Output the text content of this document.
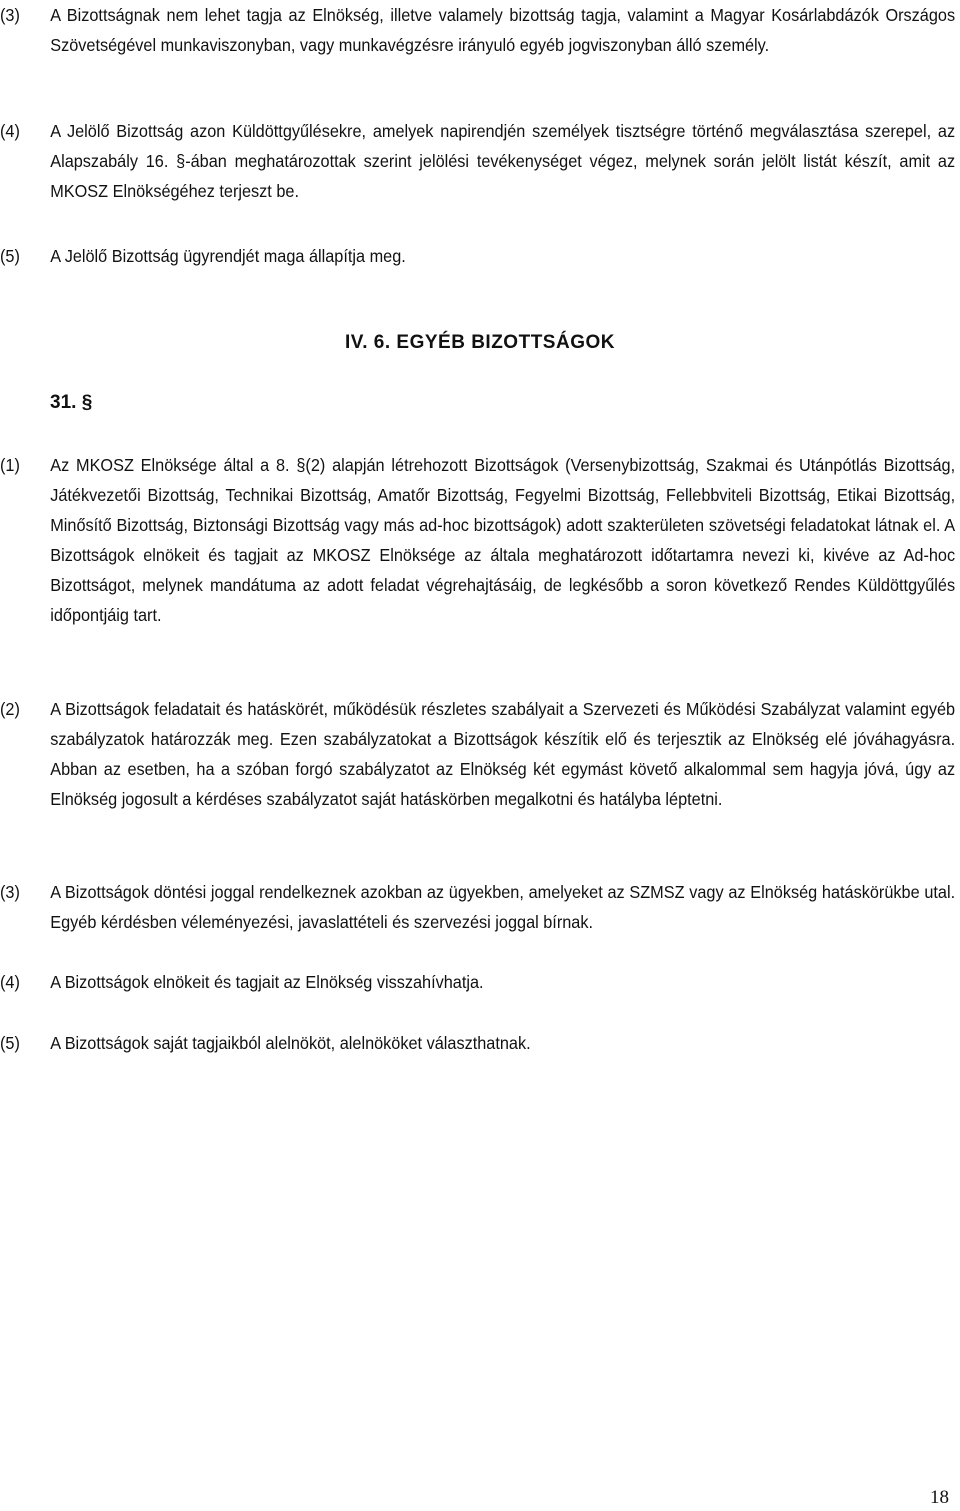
(3) A Bizottságnak nem lehet tagja az Elnökség, illetve valamely bizottság tagja, valamint a Magyar Kosárlabdázók Országos Szövetségével munkaviszonyban, vagy munkavégzésre irányuló egyéb jogviszonyban álló személy.
(4) A Jelölő Bizottság azon Küldöttgyűlésekre, amelyek napirendjén személyek tisztségre történő megválasztása szerepel, az Alapszabály 16. §-ában meghatározottak szerint jelölési tevékenységet végez, melynek során jelölt listát készít, amit az MKOSZ Elnökségéhez terjeszt be.
(5) A Jelölő Bizottság ügyrendjét maga állapítja meg.
IV. 6. EGYÉB BIZOTTSÁGOK
31. §
(1) Az MKOSZ Elnöksége által a 8. §(2) alapján létrehozott Bizottságok (Versenybizottság, Szakmai és Utánpótlás Bizottság, Játékvezetői Bizottság, Technikai Bizottság, Amatőr Bizottság, Fegyelmi Bizottság, Fellebbviteli Bizottság, Etikai Bizottság, Minősítő Bizottság, Biztonsági Bizottság vagy más ad-hoc bizottságok) adott szakterületen szövetségi feladatokat látnak el. A Bizottságok elnökeit és tagjait az MKOSZ Elnöksége az általa meghatározott időtartamra nevezi ki, kivéve az Ad-hoc Bizottságot, melynek mandátuma az adott feladat végrehajtásáig, de legkésőbb a soron következő Rendes Küldöttgyűlés időpontjáig tart.
(2) A Bizottságok feladatait és hatáskörét, működésük részletes szabályait a Szervezeti és Működési Szabályzat valamint egyéb szabályzatok határozzák meg. Ezen szabályzatokat a Bizottságok készítik elő és terjesztik az Elnökség elé jóváhagyásra. Abban az esetben, ha a szóban forgó szabályzatot az Elnökség két egymást követő alkalommal sem hagyja jóvá, úgy az Elnökség jogosult a kérdéses szabályzatot saját hatáskörben megalkotni és hatályba léptetni.
(3) A Bizottságok döntési joggal rendelkeznek azokban az ügyekben, amelyeket az SZMSZ vagy az Elnökség hatáskörükbe utal. Egyéb kérdésben véleményezési, javaslattételi és szervezési joggal bírnak.
(4) A Bizottságok elnökeit és tagjait az Elnökség visszahívhatja.
(5) A Bizottságok saját tagjaikból alelnököt, alelnököket választhatnak.
18
